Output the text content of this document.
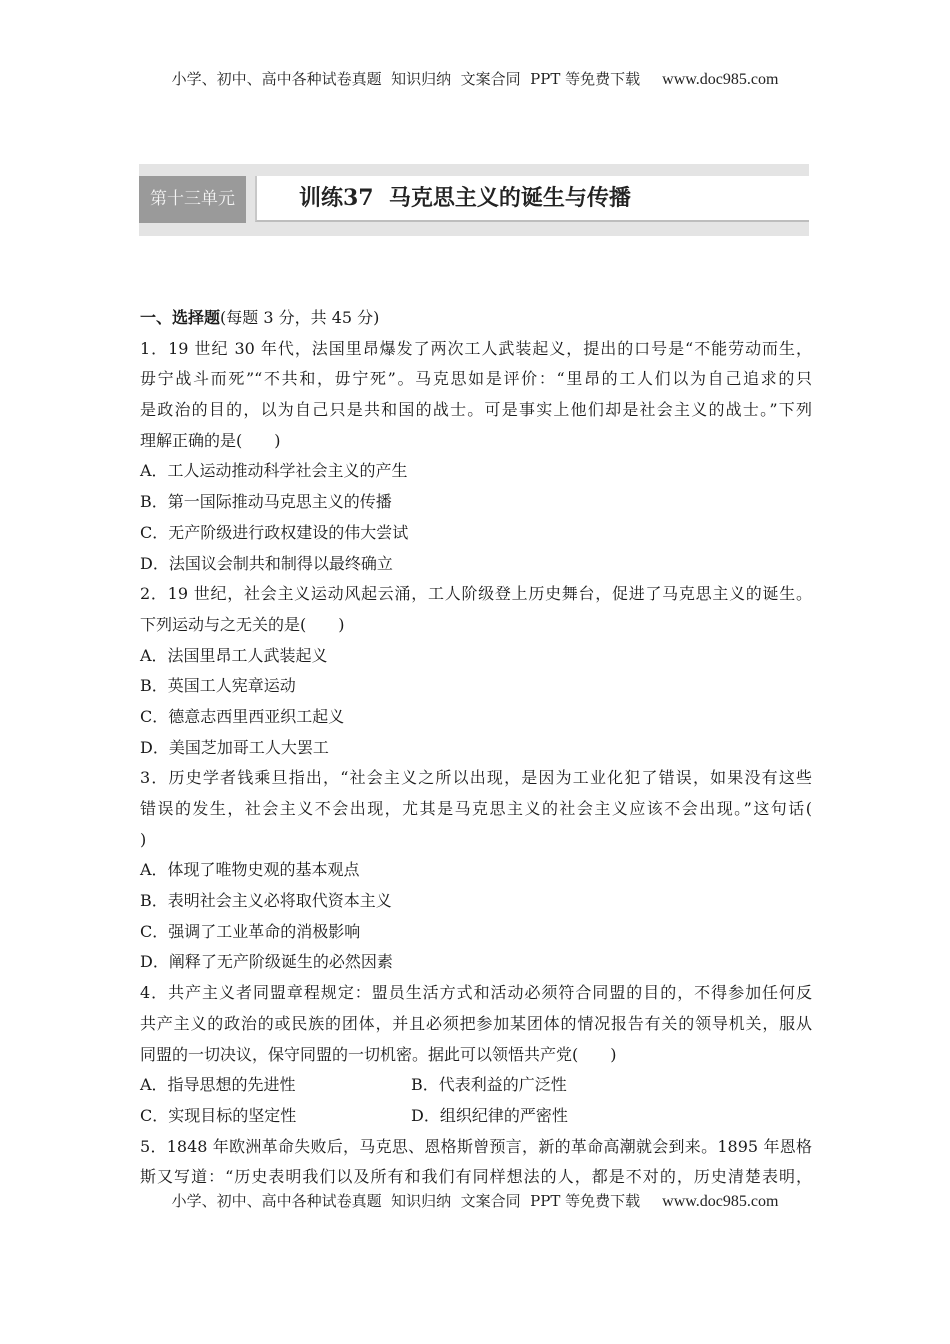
小学、初中、高中各种试卷真题  知识归纳  文案合同  PPT 等免费下载 www.doc985.com
第十三单元	训练37  马克思主义的诞生与传播
一、选择题(每题 3 分，共 45 分)
1．19 世纪 30 年代，法国里昂爆发了两次工人武装起义，提出的口号是“不能劳动而生，
毋宁战斗而死”“不共和，毋宁死”。马克思如是评价：“里昂的工人们以为自己追求的只
是政治的目的，以为自己只是共和国的战士。可是事实上他们却是社会主义的战士。”下列
理解正确的是(　　)
A．工人运动推动科学社会主义的产生
B．第一国际推动马克思主义的传播
C．无产阶级进行政权建设的伟大尝试
D．法国议会制共和制得以最终确立
2．19 世纪，社会主义运动风起云涌，工人阶级登上历史舞台，促进了马克思主义的诞生。
下列运动与之无关的是(　　)
A．法国里昂工人武装起义
B．英国工人宪章运动
C．德意志西里西亚织工起义
D．美国芝加哥工人大罢工
3．历史学者钱乘旦指出，“社会主义之所以出现，是因为工业化犯了错误，如果没有这些
错误的发生，社会主义不会出现，尤其是马克思主义的社会主义应该不会出现。”这句话(
)
A．体现了唯物史观的基本观点
B．表明社会主义必将取代资本主义
C．强调了工业革命的消极影响
D．阐释了无产阶级诞生的必然因素
4．共产主义者同盟章程规定：盟员生活方式和活动必须符合同盟的目的，不得参加任何反
共产主义的政治的或民族的团体，并且必须把参加某团体的情况报告有关的领导机关，服从
同盟的一切决议，保守同盟的一切机密。据此可以领悟共产党(　　)
A．指导思想的先进性	B．代表利益的广泛性
C．实现目标的坚定性	D．组织纪律的严密性
5．1848 年欧洲革命失败后，马克思、恩格斯曾预言，新的革命高潮就会到来。1895 年恩格
斯又写道：“历史表明我们以及所有和我们有同样想法的人，都是不对的，历史清楚表明，
小学、初中、高中各种试卷真题  知识归纳  文案合同  PPT 等免费下载 www.doc985.com
